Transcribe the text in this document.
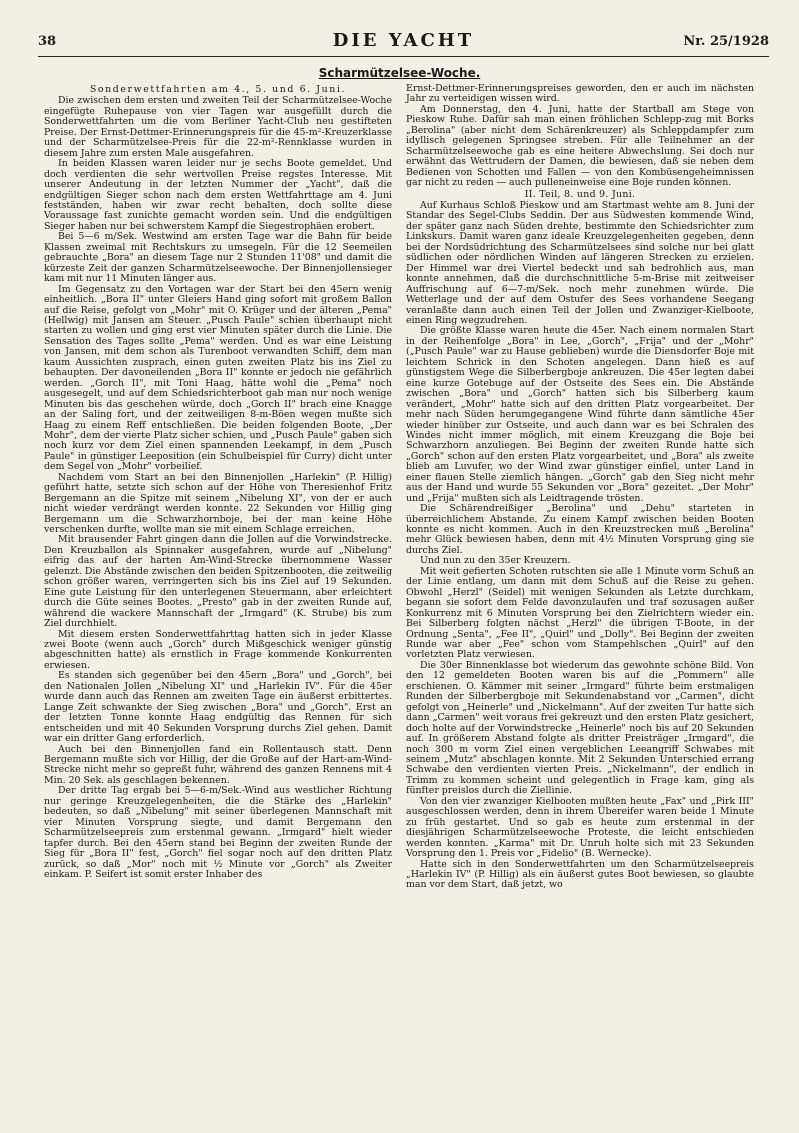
38	DIE YACHT	Nr. 25/1928
Scharmützelsee-Woche.

Sonderwettfahrten am 4., 5. und 6. Juni.

Die zwischen dem ersten und zweiten Teil der Scharmützelsee-Woche eingefügte Ruhepause von vier Tagen war ausgefüllt durch die Sonderwettfahrten um die vom Berliner Yacht-Club neu gestifteten Preise. Der Ernst-Dettmer-Erinnerungspreis für die 45-m²-Kreuzerklasse und der Scharmützelsee-Preis für die 22-m²-Rennklasse wurden in diesem Jahre zum ersten Male ausgefahren.

In beiden Klassen waren leider nur je sechs Boote gemeldet. Und doch verdienten die sehr wertvollen Preise regstes Interesse. Mit unserer Andeutung in der letzten Nummer der „Yacht", daß die endgültigen Sieger schon nach dem ersten Wettfahrttage am 4. Juni festständen, haben wir zwar recht behalten, doch sollte diese Voraussage fast zunichte gemacht worden sein. Und die endgültigen Sieger haben nur bei schwerstem Kampf die Siegestrophäen erobert.

Bei 5—6 m/Sek. Westwind am ersten Tage war die Bahn für beide Klassen zweimal mit Rechtskurs zu umsegeln. Für die 12 Seemeilen gebrauchte „Bora" an diesem Tage nur 2 Stunden 11'08" und damit die kürzeste Zeit der ganzen Scharmützelseewoche. Der Binnenjollensieger kam mit nur 11 Minuten länger aus.

Im Gegensatz zu den Vortagen war der Start bei den 45ern wenig einheitlich. „Bora II" unter Gleiers Hand ging sofort mit großem Ballon auf die Reise, gefolgt von „Mohr" mit O. Krüger und der älteren „Pema" (Hellwig) mit Jansen am Steuer. „Pusch Paule" schien überhaupt nicht starten zu wollen und ging erst vier Minuten später durch die Linie. Die Sensation des Tages sollte „Pema" werden. Und es war eine Leistung von Jansen, mit dem schon als Turenboot verwandten Schiff, dem man kaum Aussichten zusprach, einen guten zweiten Platz bis ins Ziel zu behaupten. Der davoneilenden „Bora II" konnte er jedoch nie gefährlich werden. „Gorch II", mit Toni Haag, hätte wohl die „Pema" noch ausgesegelt, und auf dem Schiedsrichterboot gab man nur noch wenige Minuten bis das geschehen würde, doch „Gorch II" brach eine Knagge an der Saling fort, und der zeitweiligen 8-m-Böen wegen mußte sich Haag zu einem Reff entschließen. Die beiden folgenden Boote, „Der Mohr", dem der vierte Platz sicher schien, und „Pusch Paule" gaben sich noch kurz vor dem Ziel einen spannenden Leekampf, in dem „Pusch Paule" in günstiger Leeposition (ein Schulbeispiel für Curry) dicht unter dem Segel von „Mohr" vorbeilief.

Nachdem vom Start an bei den Binnenjollen „Harlekin" (P. Hillig) geführt hatte, setzte sich schon auf der Höhe von Theresienhof Fritz Bergemann an die Spitze mit seinem „Nibelung XI", von der er auch nicht wieder verdrängt werden konnte. 22 Sekunden vor Hillig ging Bergemann um die Schwarzhornboje, bei der man keine Höhe verschenken durfte, wollte man sie mit einem Schlage erreichen.

Mit brausender Fahrt gingen dann die Jollen auf die Vorwindstrecke. Den Kreuzballon als Spinnaker ausgefahren, wurde auf „Nibelung" eifrig das auf der harten Am-Wind-Strecke übernommene Wasser gelenzt. Die Abstände zwischen den beiden Spitzenbooten, die zeitweilig schon größer waren, verringerten sich bis ins Ziel auf 19 Sekunden. Eine gute Leistung für den unterlegenen Steuermann, aber erleichtert durch die Güte seines Bootes. „Presto" gab in der zweiten Runde auf, während die wackere Mannschaft der „Irmgard" (K. Strube) bis zum Ziel durchhielt.

Mit diesem ersten Sonderwettfahrttag hatten sich in jeder Klasse zwei Boote (wenn auch „Gorch" durch Mißgeschick weniger günstig abgeschnitten hatte) als ernstlich in Frage kommende Konkurrenten erwiesen.

Es standen sich gegenüber bei den 45ern „Bora" und „Gorch", bei den Nationalen Jollen „Nibelung XI" und „Harlekin IV". Für die 45er wurde dann auch das Rennen am zweiten Tage ein äußerst erbittertes. Lange Zeit schwankte der Sieg zwischen „Bora" und „Gorch". Erst an der letzten Tonne konnte Haag endgültig das Rennen für sich entscheiden und mit 40 Sekunden Vorsprung durchs Ziel gehen. Damit war ein dritter Gang erforderlich.

Auch bei den Binnenjollen fand ein Rollentausch statt. Denn Bergemann mußte sich vor Hillig, der die Große auf der Hart-am-Wind-Strecke nicht mehr so gepreßt fuhr, während des ganzen Rennens mit 4 Min. 20 Sek. als geschlagen bekennen.

Der dritte Tag ergab bei 5—6-m/Sek.-Wind aus westlicher Richtung nur geringe Kreuzgelegenheiten, die die Stärke des „Harlekin" bedeuten, so daß „Nibelung" mit seiner überlegenen Mannschaft mit vier Minuten Vorsprung siegte, und damit Bergemann den Scharmützelseepreis zum erstenmal gewann. „Irmgard" hielt wieder tapfer durch. Bei den 45ern stand bei Beginn der zweiten Runde der Sieg für „Bora II" fest, „Gorch" fiel sogar noch auf den dritten Platz zurück, so daß „Mor" noch mit ½ Minute vor „Gorch" als Zweiter einkam. P. Seifert ist somit erster Inhaber des

Ernst-Dettmer-Erinnerungspreises geworden, den er auch im nächsten Jahr zu verteidigen wissen wird.

Am Donnerstag, den 4. Juni, hatte der Startball am Stege von Pieskow Ruhe. Dafür sah man einen fröhlichen Schlepp-zug mit Borks „Berolina" (aber nicht dem Schärenkreuzer) als Schleppdampfer zum idyllisch gelegenen Springsee streben. Für alle Teilnehmer an der Scharmützelseewoche gab es eine heitere Abwechslung. Sei doch nur erwähnt das Wettrudern der Damen, die bewiesen, daß sie neben dem Bedienen von Schotten und Fallen — von den Kombüsengeheimnissen gar nicht zu reden — auch pulleneinweise eine Boje runden können.

II. Teil, 8. und 9. Juni.

Auf Kurhaus Schloß Pieskow und am Startmast wehte am 8. Juni der Standar des Segel-Clubs Seddin. Der aus Südwesten kommende Wind, der später ganz nach Süden drehte, bestimmte den Schiedsrichter zum Linkskurs. Damit waren ganz ideale Kreuzgelegenheiten gegeben, denn bei der Nordsüdrichtung des Scharmützelsees sind solche nur bei glatt südlichen oder nördlichen Winden auf längeren Strecken zu erzielen. Der Himmel war drei Viertel bedeckt und sah bedrohlich aus, man konnte annehmen, daß die durchschnittliche 5-m-Brise mit zeitweiser Auffrischung auf 6—7-m/Sek. noch mehr zunehmen würde. Die Wetterlage und der auf dem Ostufer des Sees vorhandene Seegang veranlaßte dann auch einen Teil der Jollen und Zwanziger-Kielboote, einen Ring wegzudrehen.

Die größte Klasse waren heute die 45er. Nach einem normalen Start in der Reihenfolge „Bora" in Lee, „Gorch", „Frija" und der „Mohr" („Pusch Paule" war zu Hause geblieben) wurde die Diensdorfer Boje mit leichtem Schrick in den Schoten angelegen. Dann hieß es auf günstigstem Wege die Silberbergboje ankreuzen. Die 45er legten dabei eine kurze Gotebuge auf der Ostseite des Sees ein. Die Abstände zwischen „Bora" und „Gorch" hatten sich bis Silberberg kaum verändert, „Mohr" hatte sich auf den dritten Platz vorgearbeitet. Der mehr nach Süden herumgegangene Wind führte dann sämtliche 45er wieder hinüber zur Ostseite, und auch dann war es bei Schralen des Windes nicht immer möglich, mit einem Kreuzgang die Boje bei Schwarzhorn anzuliegen. Bei Beginn der zweiten Runde hatte sich „Gorch" schon auf den ersten Platz vorgearbeitet, und „Bora" als zweite blieb am Luvufer, wo der Wind zwar günstiger einfiel, unter Land in einer flauen Stelle ziemlich hängen. „Gorch" gab den Sieg nicht mehr aus der Hand und wurde 55 Sekunden vor „Bora" gezeitet. „Der Mohr" und „Frija" mußten sich als Leidtragende trösten.

Die Schärendreißiger „Berolina" und „Dehu" starteten in überreichlichem Abstande. Zu einem Kampf zwischen beiden Booten konnte es nicht kommen. Auch in den Kreuzstrecken muß „Berolina" mehr Glück bewiesen haben, denn mit 4½ Minuten Vorsprung ging sie durchs Ziel.

Und nun zu den 35er Kreuzern.

Mit weit gefierten Schoten rutschten sie alle 1 Minute vorm Schuß an der Linie entlang, um dann mit dem Schuß auf die Reise zu gehen. Obwohl „Herzl" (Seidel) mit wenigen Sekunden als Letzte durchkam, begann sie sofort dem Felde davonzulaufen und traf sozusagen außer Konkurrenz mit 6 Minuten Vorsprung bei den Zielrichtern wieder ein. Bei Silberberg folgten nächst „Herzl" die übrigen T-Boote, in der Ordnung „Senta", „Fee II", „Quirl" und „Dolly". Bei Beginn der zweiten Runde war aber „Fee" schon vom Stampehlschen „Quirl" auf den vorletzten Platz verwiesen.

Die 30er Binnenklasse bot wiederum das gewohnte schöne Bild. Von den 12 gemeldeten Booten waren bis auf die „Pommern" alle erschienen. O. Kämmer mit seiner „Irmgard" führte beim erstmaligen Runden der Silberbergboje mit Sekundenabstand vor „Carmen", dicht gefolgt von „Heinerle" und „Nickelmann". Auf der zweiten Tur hatte sich dann „Carmen" weit voraus frei gekreuzt und den ersten Platz gesichert, doch holte auf der Vorwindstrecke „Heinerle" noch bis auf 20 Sekunden auf. In größerem Abstand folgte als dritter Preisträger „Irmgard", die noch 300 m vorm Ziel einen vergeblichen Leeangriff Schwabes mit seinem „Mutz" abschlagen konnte. Mit 2 Sekunden Unterschied errang Schwabe den verdienten vierten Preis. „Nickelmann", der endlich in Trimm zu kommen scheint und gelegentlich in Frage kam, ging als fünfter preislos durch die Ziellinie.

Von den vier zwanziger Kielbooten mußten heute „Fax" und „Pirk III" ausgeschlossen werden, denn in ihrem Übereifer waren beide 1 Minute zu früh gestartet. Und so gab es heute zum erstenmal in der diesjährigen Scharmützelseewoche Proteste, die leicht entschieden werden konnten. „Karma" mit Dr. Unruh holte sich mit 23 Sekunden Vorsprung den 1. Preis vor „Fidelio" (B. Wernecke).

Hatte sich in den Sonderwettfahrten um den Scharmützelseepreis „Harlekin IV" (P. Hillig) als ein äußerst gutes Boot bewiesen, so glaubte man vor dem Start, daß jetzt, wo
